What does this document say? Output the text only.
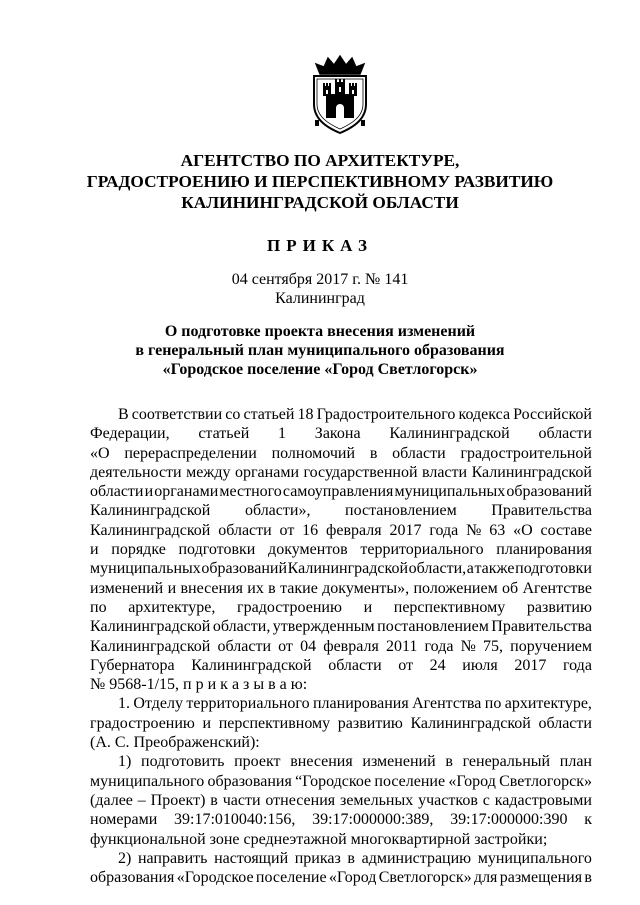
АГЕНТСТВО ПО АРХИТЕКТУРЕ,
ГРАДОСТРОЕНИЮ И ПЕРСПЕКТИВНОМУ РАЗВИТИЮ
КАЛИНИНГРАДСКОЙ ОБЛАСТИ
ПРИКАЗ
04 сентября 2017 г. № 141
Калининград
О подготовке проекта внесения изменений
в генеральный план муниципального образования
«Городское поселение «Город Светлогорск»
В соответствии со статьей 18 Градостроительного кодекса Российской
Федерации, статьей 1 Закона Калининградской области
«О перераспределении полномочий в области градостроительной
деятельности между органами государственной власти Калининградской
области и органами местного самоуправления муниципальных образований
Калининградской области», постановлением Правительства
Калининградской области от 16 февраля 2017 года № 63 «О составе
и порядке подготовки документов территориального планирования
муниципальных образований Калининградской области, а также подготовки
изменений и внесения их в такие документы», положением об Агентстве
по архитектуре, градостроению и перспективному развитию
Калининградской области, утвержденным постановлением Правительства
Калининградской области от 04 февраля 2011 года № 75, поручением
Губернатора Калининградской области от 24 июля 2017 года
№ 9568-1/15, п р и к а з ы в а ю:
1. Отделу территориального планирования Агентства по архитектуре,
градостроению и перспективному развитию Калининградской области
(А. С. Преображенский):
1) подготовить проект внесения изменений в генеральный план
муниципального образования “Городское поселение «Город Светлогорск»
(далее – Проект) в части отнесения земельных участков с кадастровыми
номерами 39:17:010040:156, 39:17:000000:389, 39:17:000000:390 к
функциональной зоне среднеэтажной многоквартирной застройки;
2) направить настоящий приказ в администрацию муниципального
образования «Городское поселение «Город Светлогорск» для размещения в
